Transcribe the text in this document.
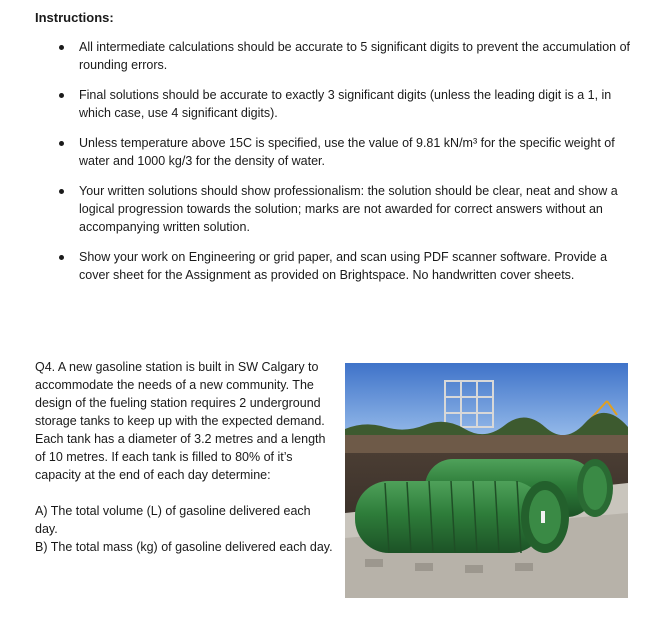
Instructions:
All intermediate calculations should be accurate to 5 significant digits to prevent the accumulation of rounding errors.
Final solutions should be accurate to exactly 3 significant digits (unless the leading digit is a 1, in which case, use 4 significant digits).
Unless temperature above 15C is specified, use the value of 9.81 kN/m³ for the specific weight of water and 1000 kg/3 for the density of water.
Your written solutions should show professionalism: the solution should be clear, neat and show a logical progression towards the solution; marks are not awarded for correct answers without an accompanying written solution.
Show your work on Engineering or grid paper, and scan using PDF scanner software. Provide a cover sheet for the Assignment as provided on Brightspace. No handwritten cover sheets.

Q4. A new gasoline station is built in SW Calgary to accommodate the needs of a new community. The design of the fueling station requires 2 underground storage tanks to keep up with the expected demand. Each tank has a diameter of 3.2 metres and a length of 10 metres. If each tank is filled to 80% of it’s capacity at the end of each day determine:

A) The total volume (L) of gasoline delivered each day.

B) The total mass (kg) of gasoline delivered each day.
